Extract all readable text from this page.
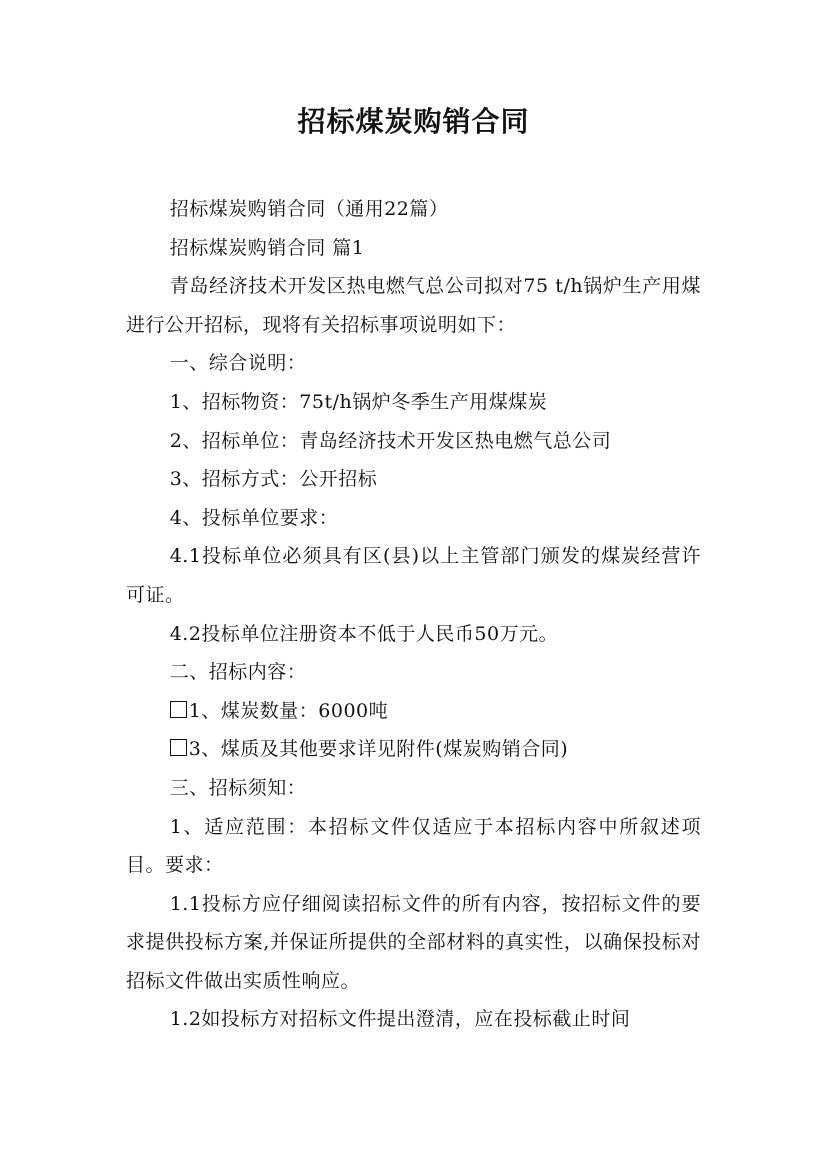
招标煤炭购销合同

招标煤炭购销合同（通用22篇）

招标煤炭购销合同 篇1

青岛经济技术开发区热电燃气总公司拟对75 t/h锅炉生产用煤进行公开招标，现将有关招标事项说明如下：

一、综合说明：

1、招标物资：75t/h锅炉冬季生产用煤煤炭

2、招标单位：青岛经济技术开发区热电燃气总公司

3、招标方式：公开招标

4、投标单位要求：

4.1投标单位必须具有区(县)以上主管部门颁发的煤炭经营许可证。

4.2投标单位注册资本不低于人民币50万元。

二、招标内容：

1、煤炭数量：6000吨

3、煤质及其他要求详见附件(煤炭购销合同)

三、招标须知：

1、适应范围：本招标文件仅适应于本招标内容中所叙述项目。要求：

1.1投标方应仔细阅读招标文件的所有内容，按招标文件的要求提供投标方案,并保证所提供的全部材料的真实性，以确保投标对招标文件做出实质性响应。

1.2如投标方对招标文件提出澄清，应在投标截止时间
